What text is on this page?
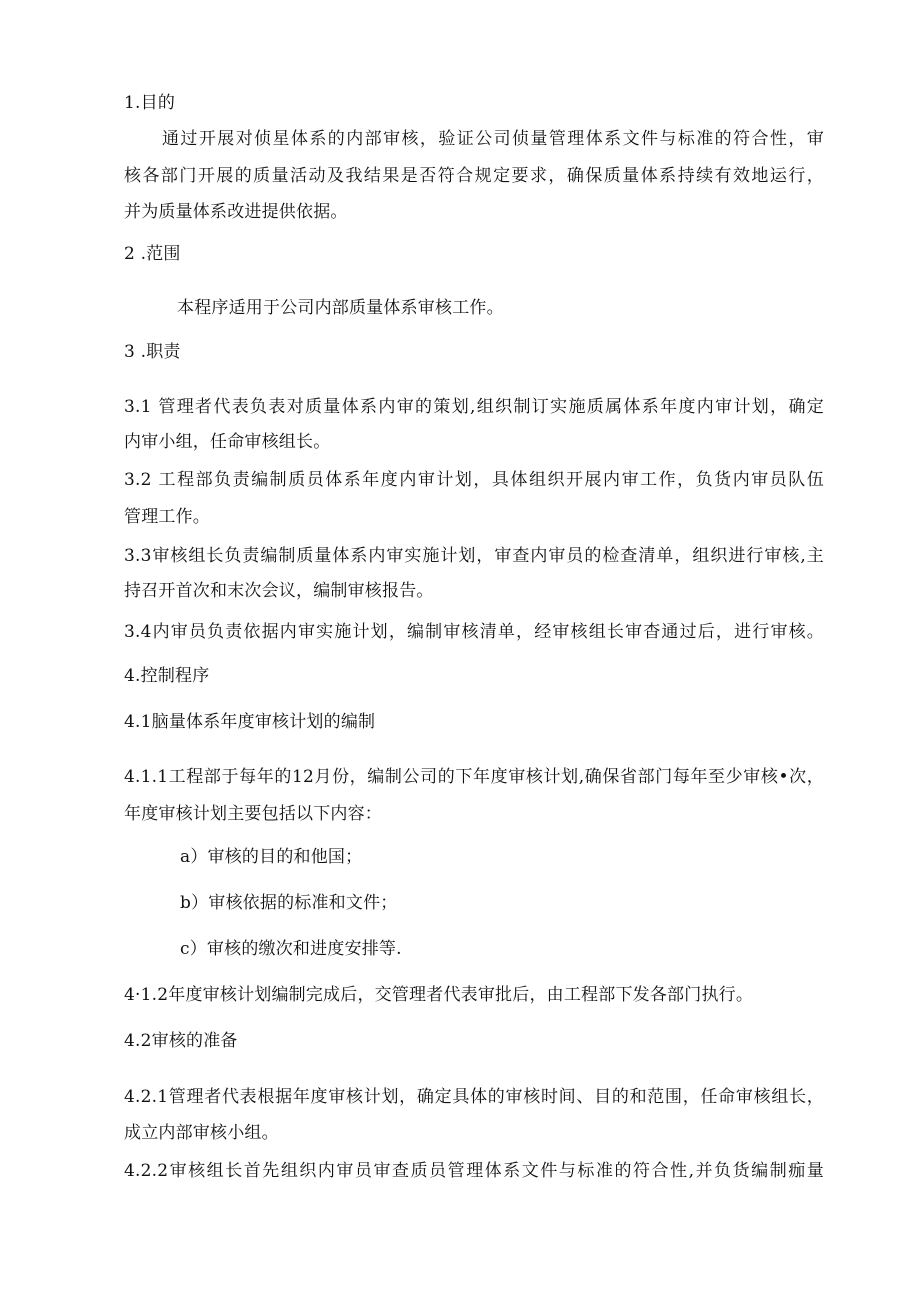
1.目的
通过开展对侦星体系的内部审核，验证公司侦量管理体系文件与标准的符合性，审
核各部门开展的质量活动及我结果是否符合规定要求，确保质量体系持续有效地运行，
并为质量体系改进提供依据。
2 .范围
本程序适用于公司内部质量体系审核工作。
3 .职责
3.1 管理者代表负表对质量体系内审的策划,组织制订实施质属体系年度内审计划，确定
内审小组，任命审核组长。
3.2 工程部负责编制质员体系年度内审计划，具体组织开展内审工作，负货内审员队伍
管理工作。
3.3审核组长负责编制质量体系内审实施计划，审查内审员的检查清单，组织进行审核,主
持召开首次和末次会议，编制审核报告。
3.4内审员负责依据内审实施计划，编制审核清单，经审核组长审杳通过后，进行审核。
4.控制程序
4.1脑量体系年度审核计划的编制
4.1.1工程部于每年的12月份，编制公司的下年度审核计划,确保省部门每年至少审核•次，
年度审核计划主要包括以下内容：
a）审核的目的和他国；
b）审核依据的标准和文件；
c）审核的缴次和进度安排等.
4·1.2年度审核计划编制完成后，交管理者代表审批后，由工程部下发各部门执行。
4.2审核的准备
4.2.1管理者代表根据年度审核计划，确定具体的审核时间、目的和范围，任命审核组长，
成立内部审核小组。
4.2.2审核组长首先组织内审员审查质员管理体系文件与标准的符合性,并负货编制痂量
